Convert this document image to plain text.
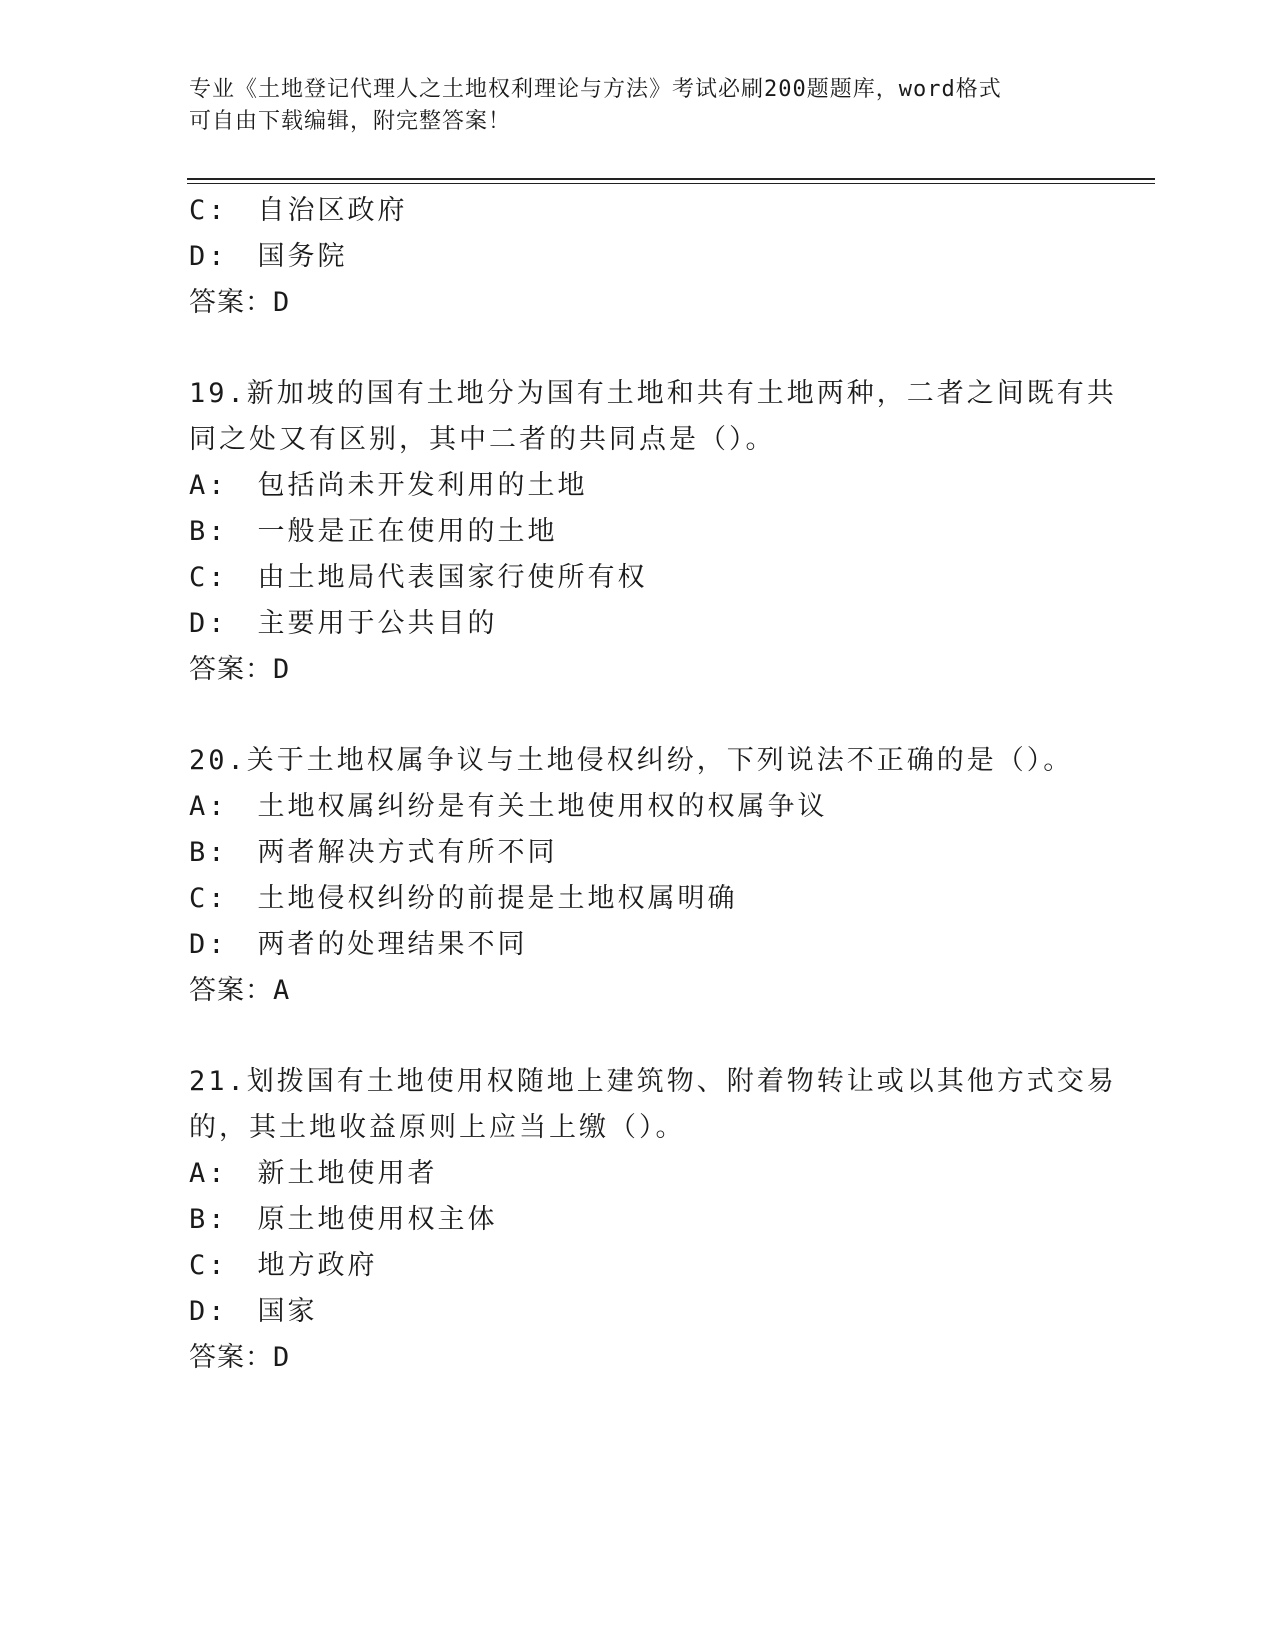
专业《土地登记代理人之土地权利理论与方法》考试必刷200题题库，word格式
可自由下载编辑，附完整答案！
C:　自治区政府
D:　国务院
答案：D
19.新加坡的国有土地分为国有土地和共有土地两种，二者之间既有共
同之处又有区别，其中二者的共同点是（）。
A:　包括尚未开发利用的土地
B:　一般是正在使用的土地
C:　由土地局代表国家行使所有权
D:　主要用于公共目的
答案：D
20.关于土地权属争议与土地侵权纠纷，下列说法不正确的是（）。
A:　土地权属纠纷是有关土地使用权的权属争议
B:　两者解决方式有所不同
C:　土地侵权纠纷的前提是土地权属明确
D:　两者的处理结果不同
答案：A
21.划拨国有土地使用权随地上建筑物、附着物转让或以其他方式交易
的，其土地收益原则上应当上缴（）。
A:　新土地使用者
B:　原土地使用权主体
C:　地方政府
D:　国家
答案：D
